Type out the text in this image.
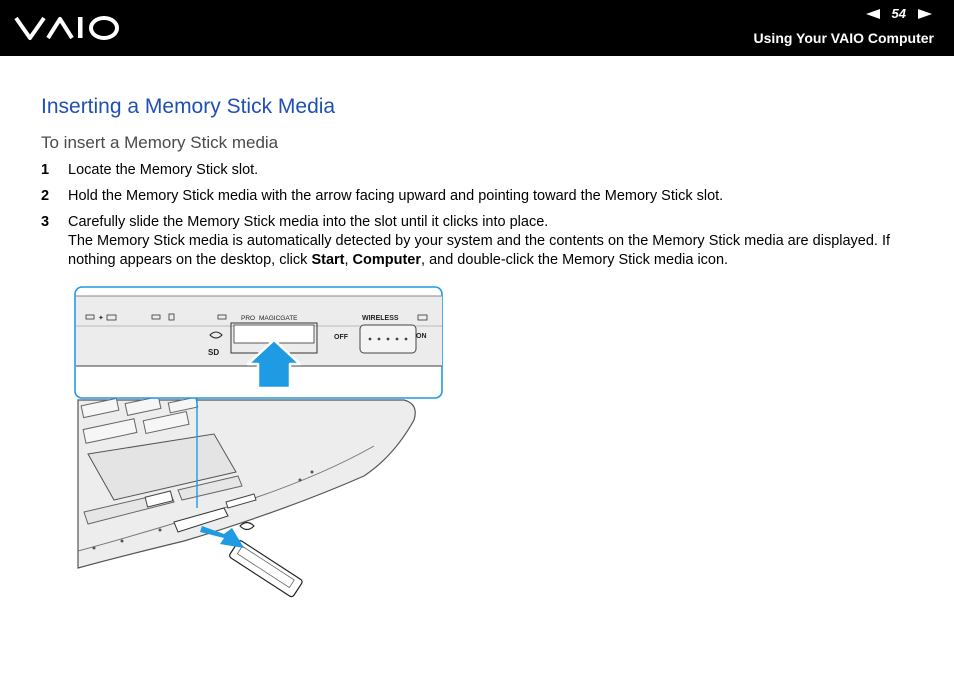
54
Using Your VAIO Computer
Inserting a Memory Stick Media
To insert a Memory Stick media
1	Locate the Memory Stick slot.
2	Hold the Memory Stick media with the arrow facing upward and pointing toward the Memory Stick slot.
3	Carefully slide the Memory Stick media into the slot until it clicks into place.
The Memory Stick media is automatically detected by your system and the contents on the Memory Stick media are displayed. If nothing appears on the desktop, click Start, Computer, and double-click the Memory Stick media icon.
✦	PRO MAGICGATE	WIRELESS
SD
OFF	ON
